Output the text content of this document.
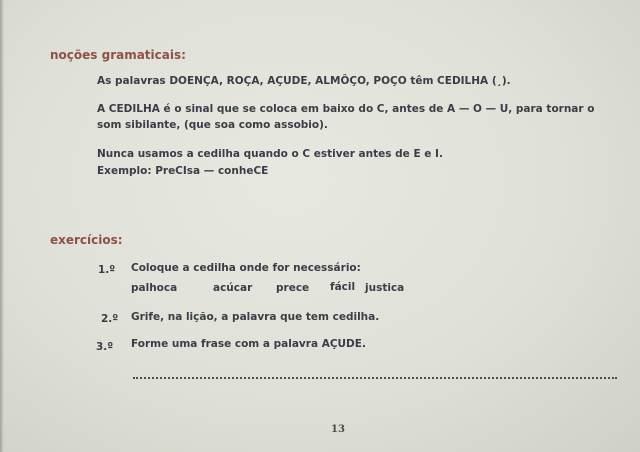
noções gramaticais:
As palavras DOENÇA, ROÇA, AÇUDE, ALMÔÇO, POÇO têm CEDILHA (¸).
A CEDILHA é o sinal que se coloca em baixo do C, antes de A — O — U, para tornar o
som sibilante, (que soa como assobio).
Nunca usamos a cedilha quando o C estiver antes de E e I.
Exemplo: PreCIsa — conheCE
exercícios:
1.º Coloque a cedilha onde for necessário:
palhoca	acúcar prece fácil justica
2.º Grife, na lição, a palavra que tem cedilha.
3.º Forme uma frase com a palavra AÇUDE.
13
